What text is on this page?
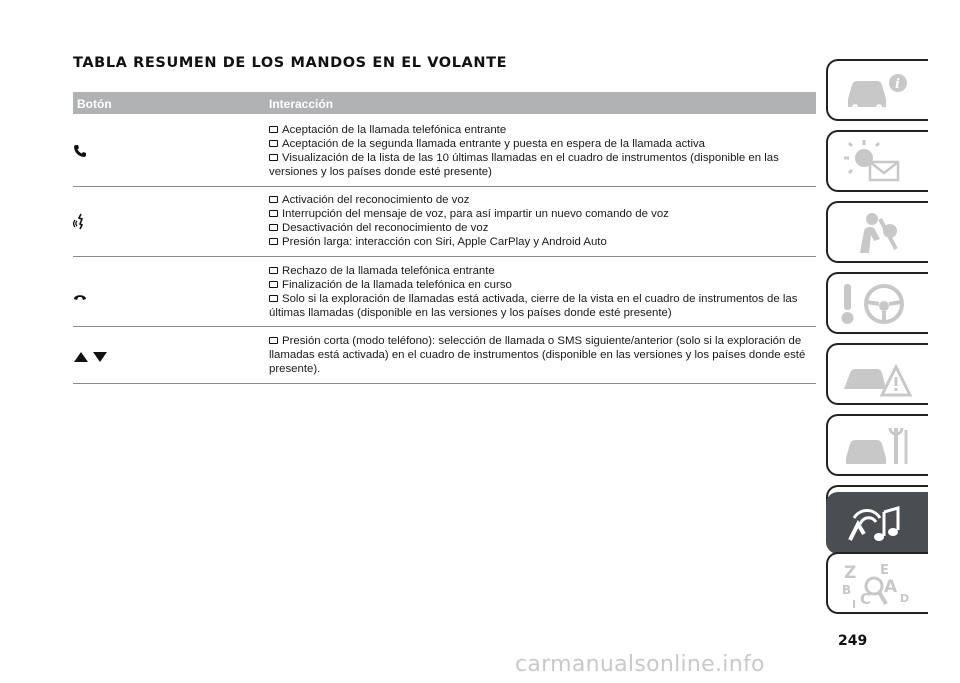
TABLA RESUMEN DE LOS MANDOS EN EL VOLANTE
Botón	Interacción
Aceptación de la llamada telefónica entrante
Aceptación de la segunda llamada entrante y puesta en espera de la llamada activa
Visualización de la lista de las 10 últimas llamadas en el cuadro de instrumentos (disponible en las versiones y los países donde esté presente)
Activación del reconocimiento de voz
Interrupción del mensaje de voz, para así impartir un nuevo comando de voz
Desactivación del reconocimiento de voz
Presión larga: interacción con Siri, Apple CarPlay y Android Auto
Rechazo de la llamada telefónica entrante
Finalización de la llamada telefónica en curso
Solo si la exploración de llamadas está activada, cierre de la vista en el cuadro de instrumentos de las últimas llamadas (disponible en las versiones y los países donde esté presente)
Presión corta (modo teléfono): selección de llamada o SMS siguiente/anterior (solo si la exploración de llamadas está activada) en el cuadro de instrumentos (disponible en las versiones y los países donde esté presente).
i
Z E
B A
C	D
I
249
carmanualsonline.info
